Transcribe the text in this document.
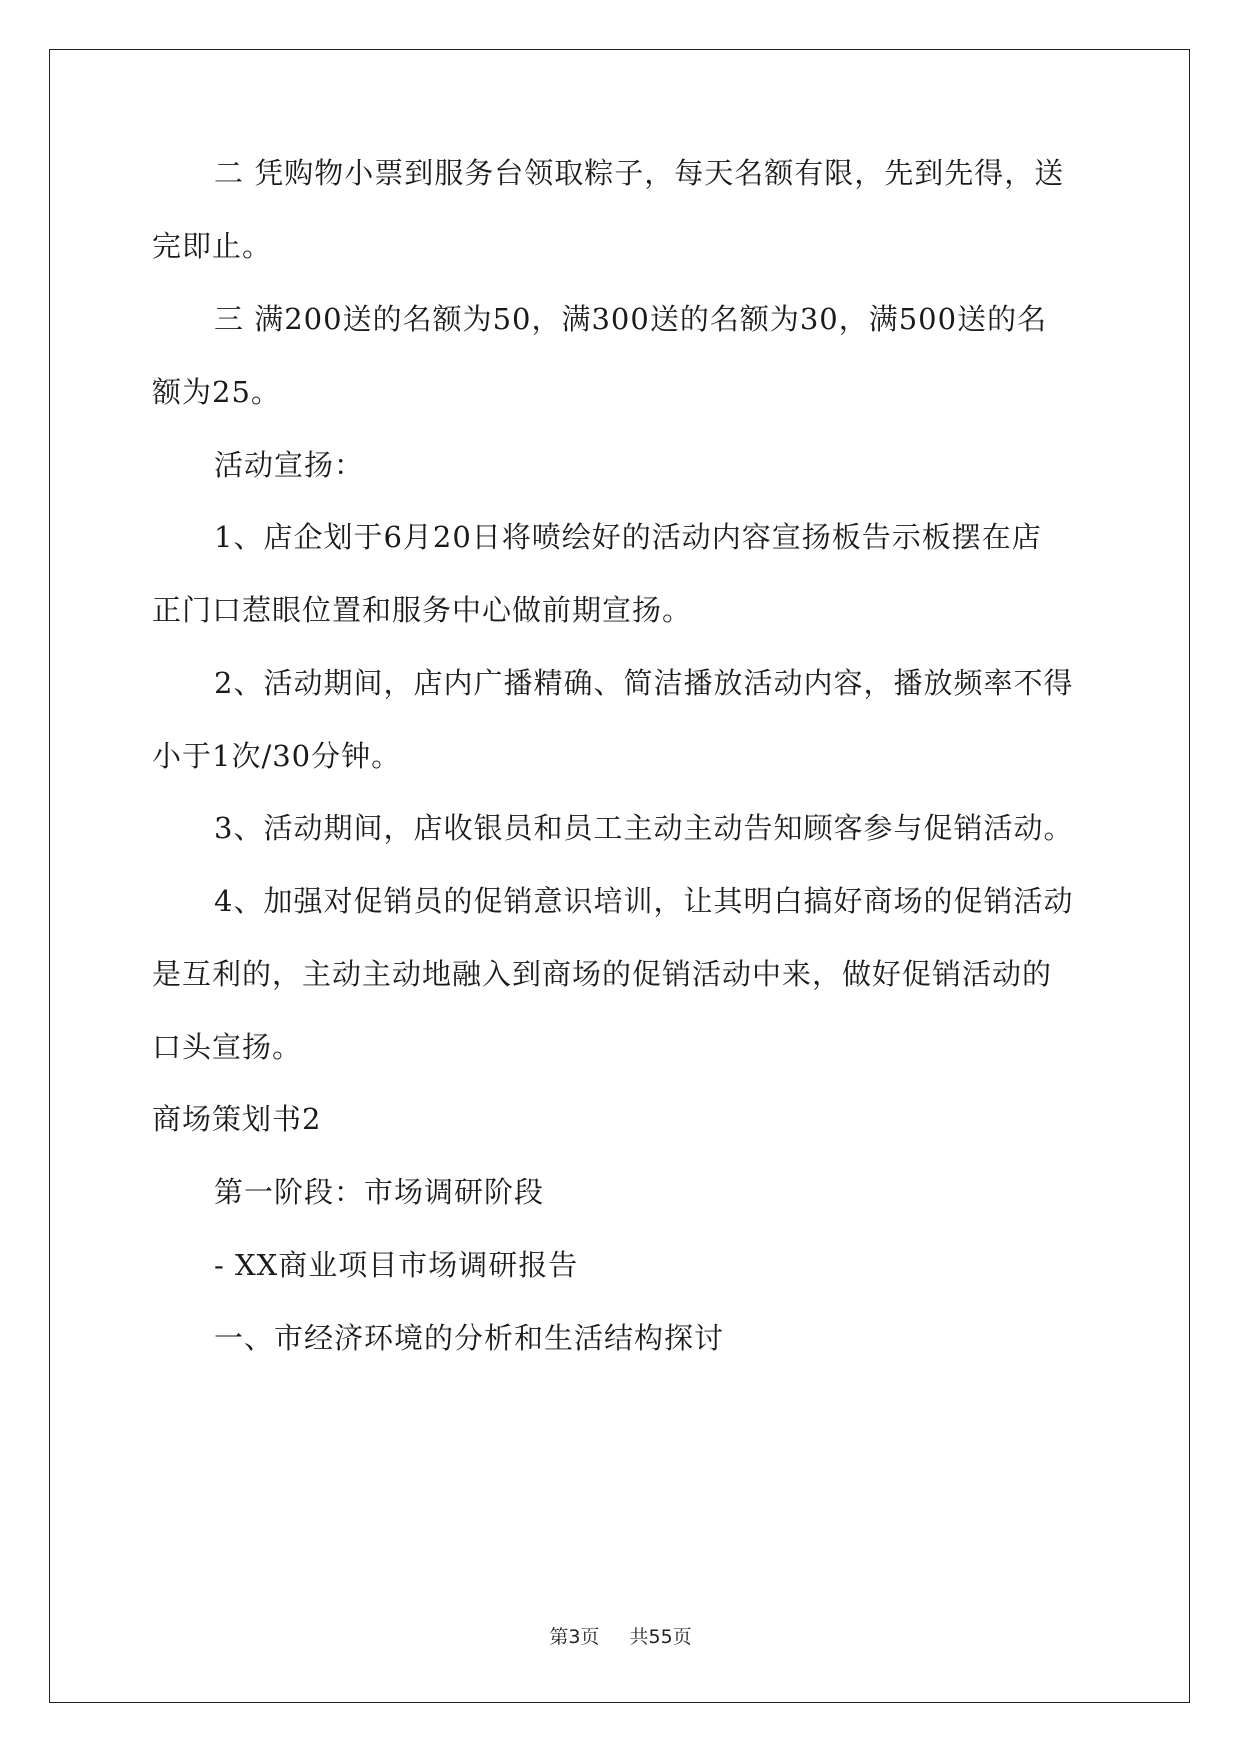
二 凭购物小票到服务台领取粽子，每天名额有限，先到先得，送
完即止。
三 满200送的名额为50，满300送的名额为30，满500送的名
额为25。
活动宣扬：
1、店企划于6月20日将喷绘好的活动内容宣扬板告示板摆在店
正门口惹眼位置和服务中心做前期宣扬。
2、活动期间，店内广播精确、简洁播放活动内容，播放频率不得
小于1次/30分钟。
3、活动期间，店收银员和员工主动主动告知顾客参与促销活动。
4、加强对促销员的促销意识培训，让其明白搞好商场的促销活动
是互利的，主动主动地融入到商场的促销活动中来，做好促销活动的
口头宣扬。
商场策划书2
第一阶段：市场调研阶段
- XX商业项目市场调研报告
一、市经济环境的分析和生活结构探讨
第3页 共55页
